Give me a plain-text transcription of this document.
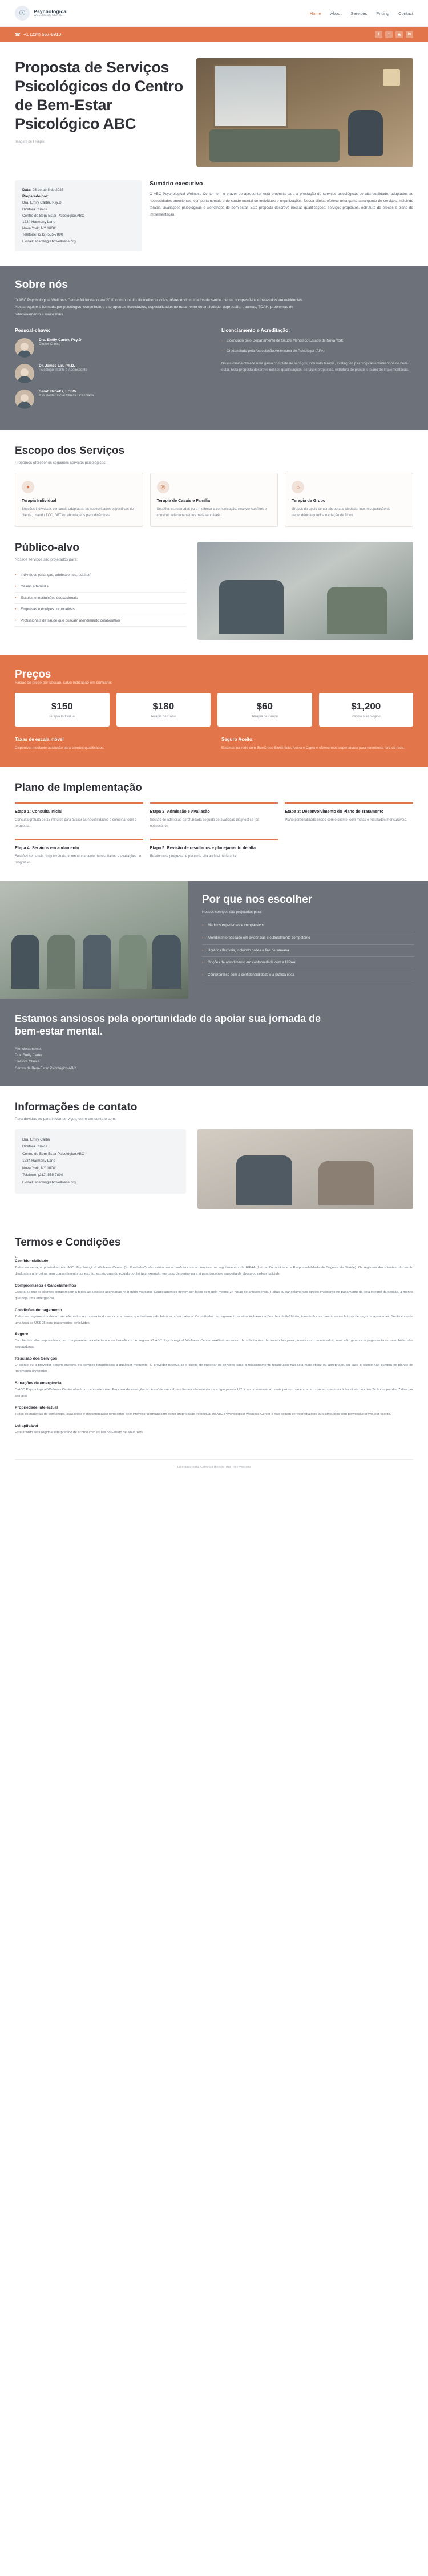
☉	Psychological
WELLNESS CENTER	Home About Services Pricing Contact
☎ +1 (234) 567-8910	f	t	◉	in
Proposta de Serviços Psicológicos do Centro de Bem-Estar Psicológico ABC
Imagem de Freepik
Data: 25 de abril de 2025
Preparado por:
Dra. Emily Carter, Psy.D.
Diretora Clínica
Centro de Bem-Estar Psicológico ABC
1234 Harmony Lane
Nova York, NY 10001
Telefone: (212) 555-7890
E-mail: ecarter@abcwellness.org
Sumário executivo

O ABC Psychological Wellness Center tem o prazer de apresentar esta proposta para a prestação de serviços psicológicos de alta qualidade, adaptados às necessidades emocionais, comportamentais e de saúde mental de indivíduos e organizações. Nossa clínica oferece uma gama abrangente de serviços, incluindo terapia, avaliações psicológicas e workshops de bem-estar. Esta proposta descreve nossas qualificações, serviços propostos, estrutura de preços e plano de implementação.

Sobre nós

O ABC Psychological Wellness Center foi fundado em 2010 com o intuito de melhorar vidas, oferecendo cuidados de saúde mental compassivos e baseados em evidências. Nossa equipe é formada por psicólogos, conselheiros e terapeutas licenciados, especializados no tratamento de ansiedade, depressão, traumas, TDAH, problemas de relacionamento e muito mais.

Pessoal-chave:
Dra. Emily Carter, Psy.D.
Diretor Clínico
Dr. James Lin, Ph.D.
Psicólogo Infantil e Adolescente
Sarah Brooks, LCSW
Assistente Social Clínica Licenciada
Licenciamento e Acreditação:
› Licenciado pelo Departamento de Saúde Mental do Estado de Nova York
› Credenciado pela Associação Americana de Psicologia (APA)
Nossa clínica oferece uma gama completa de serviços, incluindo terapia, avaliações psicológicas e workshops de bem-estar. Esta proposta descreve nossas qualificações, serviços propostos, estrutura de preços e plano de implementação.
Escopo dos Serviços
Propomos oferecer os seguintes serviços psicológicos:
●
Terapia Individual

Sessões individuais semanais adaptadas às necessidades específicas do cliente, usando TCC, DBT ou abordagens psicodinâmicas.

◎
Terapia de Casais e Família

Sessões estruturadas para melhorar a comunicação, resolver conflitos e construir relacionamentos mais saudáveis.

☼
Terapia de Grupo

Grupos de apoio semanais para ansiedade, luto, recuperação de dependência química e criação de filhos.

Público-alvo
Nossos serviços são projetados para:
• Indivíduos (crianças, adolescentes, adultos)
• Casais e famílias
• Escolas e instituições educacionais
• Empresas e equipes corporativas
• Profissionais de saúde que buscam atendimento colaborativo
Preços
Faixas de preço por sessão, salvo indicação em contrário:
$150
Terapia Individual
$180
Terapia de Casal
$60
Terapia de Grupo
$1,200
Pacote Psicológico
Taxas de escala móvel

Disponível mediante avaliação para clientes qualificados.

Seguro Aceito:

Estamos na rede com BlueCross BlueShield, Aetna e Cigna e oferecemos superfaturas para reembolso fora da rede.

Plano de Implementação
Etapa 1: Consulta Inicial

Consulta gratuita de 15 minutos para avaliar as necessidades e combinar com o terapeuta.

Etapa 2: Admissão e Avaliação

Sessão de admissão aprofundada seguida de avaliação diagnóstica (se necessário).

Etapa 3: Desenvolvimento do Plano de Tratamento

Plano personalizado criado com o cliente, com metas e resultados mensuráveis.

Etapa 4: Serviços em andamento

Sessões semanais ou quinzenais, acompanhamento de resultados e avaliações de progresso.

Etapa 5: Revisão de resultados e planejamento de alta

Relatório de progresso e plano de alta ao final de terapia.

Por que nos escolher
Nossos serviços são projetados para:
› Médicos experientes e compassivos
› Atendimento baseado em evidências e culturalmente competente
› Horários flexíveis, incluindo noites e fins de semana
› Opções de atendimento em conformidade com a HIPAA
› Compromisso com a confidencialidade e a prática ética
Estamos ansiosos pela oportunidade de apoiar sua jornada de bem-estar mental.
Atenciosamente,
Dra. Emily Carter
Diretora Clínica
Centro de Bem-Estar Psicológico ABC
Informações de contato
Para dúvidas ou para iniciar serviços, entre em contato com:
Dra. Emily Carter
Diretora Clínica
Centro de Bem-Estar Psicológico ABC
1234 Harmony Lane
Nova York, NY 10001
Telefone: (212) 555-7890
E-mail: ecarter@abcwellness.org
Termos e Condições
1.
Confidencialidade

Todos os serviços prestados pelo ABC Psychological Wellness Center ("o Prestador") são estritamente confidenciais e cumprem as regulamentos da HIPAA (Lei de Portabilidade e Responsabilidade de Seguros de Saúde). Os registros dos clientes não serão divulgados a terceiros sem consentimento por escrito, exceto quando exigido por lei (por exemplo, em caso de perigo para si para terceiros, suspeita de abuso ou ordem judicial).

Compromissos e Cancelamentos

Espera-se que os clientes compareçam a todas as sessões agendadas no horário marcado. Cancelamentos devem ser feitos com pelo menos 24 horas de antecedência. Faltas ou cancelamentos tardios implicarão no pagamento da taxa integral da sessão, a menos que haja uma emergência.

Condições de pagamento

Todos os pagamentos devem ser efetuados no momento do serviço, a menos que tenham sido feitos acordos prévios. Os métodos de pagamento aceitos incluem cartões de crédito/débito, transferências bancárias ou faturas de seguros aprovadas. Serão cobrada uma taxa de US$ 25 para pagamentos devolvidos.

Seguro

Os clientes são responsáveis por compreender a cobertura e os benefícios do seguro. O ABC Psychological Wellness Center auxiliará no envio de solicitações de reembolso para provedores credenciados, mas não garante o pagamento ou reembolso das seguradoras.

Rescisão dos Serviços

O cliente ou o provedor podem encerrar os serviços terapêuticos a qualquer momento. O provedor reserva-se o direito de encerrar os serviços caso o relacionamento terapêutico não seja mais eficaz ou apropriado, ou caso o cliente não cumpra os planos de tratamento acordados.

Situações de emergência

O ABC Psychological Wellness Center não é um centro de crise. Em caso de emergência de saúde mental, os clientes são orientados a ligar para o 192, ir ao pronto-socorro mais próximo ou entrar em contato com uma linha direta de crise 24 horas por dia, 7 dias por semana.

Propriedade Intelectual

Todos os materiais de workshops, avaliações e documentação fornecidos pelo Provedor permanecem como propriedade intelectual do ABC Psychological Wellness Center e não podem ser reproduzidos ou distribuídos sem permissão prévia por escrito.

Lei aplicável

Este acordo será regido e interpretado de acordo com as leis do Estado de Nova York.

Liberdade total. Clone do modelo The Free Website
